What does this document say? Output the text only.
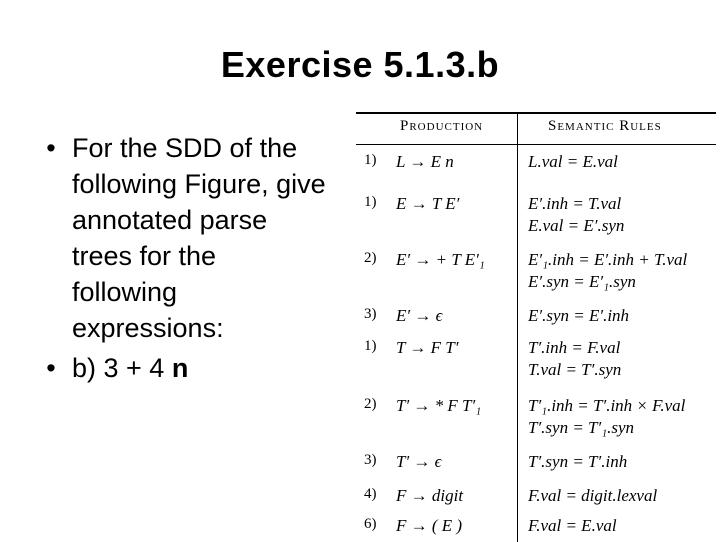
Exercise 5.1.3.b
• For the SDD of the
following Figure, give
annotated parse
trees for the
following
expressions:
• b) 3 + 4 n
Production	Semantic Rules
1) L → E n	L.val = E.val
1) E → T E′	E′.inh = T.val
E.val = E′.syn
2) E′ → + T E′₁	E′₁.inh = E′.inh + T.val
E′.syn = E′₁.syn
3) E′ → ϵ	E′.syn = E′.inh
1) T → F T′	T′.inh = F.val
T.val = T′.syn
2) T′ → * F T′₁	T′₁.inh = T′.inh × F.val
T′.syn = T′₁.syn
3) T′ → ϵ	T′.syn = T′.inh
4) F → digit	F.val = digit.lexval
6) F → ( E )	F.val = E.val
